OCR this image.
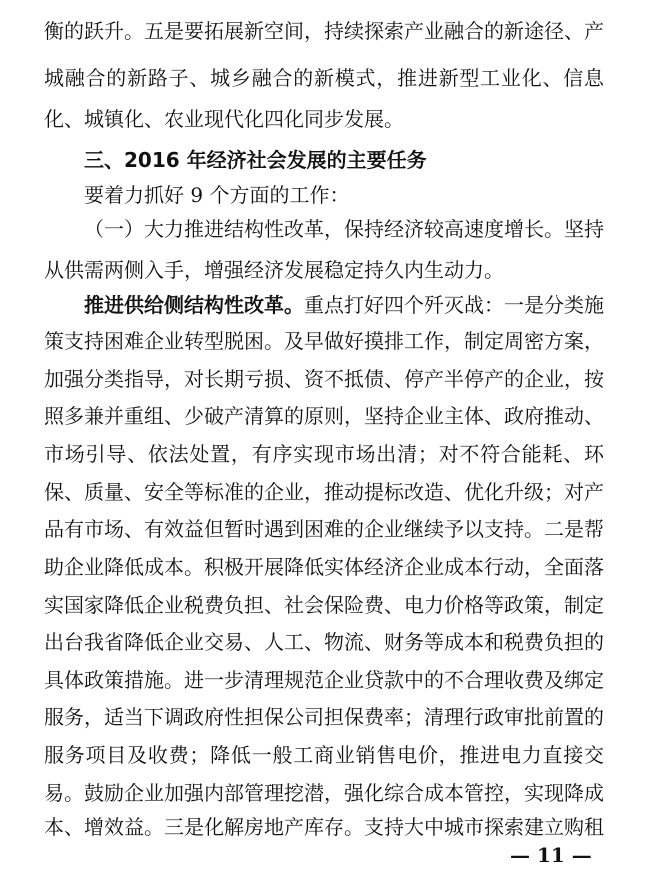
衡的跃升。五是要拓展新空间，持续探索产业融合的新途径、产
城融合的新路子、城乡融合的新模式，推进新型工业化、信息
化、城镇化、农业现代化四化同步发展。
三、2016 年经济社会发展的主要任务
要着力抓好 9 个方面的工作：
（一）大力推进结构性改革，保持经济较高速度增长。坚持
从供需两侧入手，增强经济发展稳定持久内生动力。
推进供给侧结构性改革。重点打好四个歼灭战：一是分类施
策支持困难企业转型脱困。及早做好摸排工作，制定周密方案，
加强分类指导，对长期亏损、资不抵债、停产半停产的企业，按
照多兼并重组、少破产清算的原则，坚持企业主体、政府推动、
市场引导、依法处置，有序实现市场出清；对不符合能耗、环
保、质量、安全等标准的企业，推动提标改造、优化升级；对产
品有市场、有效益但暂时遇到困难的企业继续予以支持。二是帮
助企业降低成本。积极开展降低实体经济企业成本行动，全面落
实国家降低企业税费负担、社会保险费、电力价格等政策，制定
出台我省降低企业交易、人工、物流、财务等成本和税费负担的
具体政策措施。进一步清理规范企业贷款中的不合理收费及绑定
服务，适当下调政府性担保公司担保费率；清理行政审批前置的
服务项目及收费；降低一般工商业销售电价，推进电力直接交
易。鼓励企业加强内部管理挖潜，强化综合成本管控，实现降成
本、增效益。三是化解房地产库存。支持大中城市探索建立购租
— 11 —
